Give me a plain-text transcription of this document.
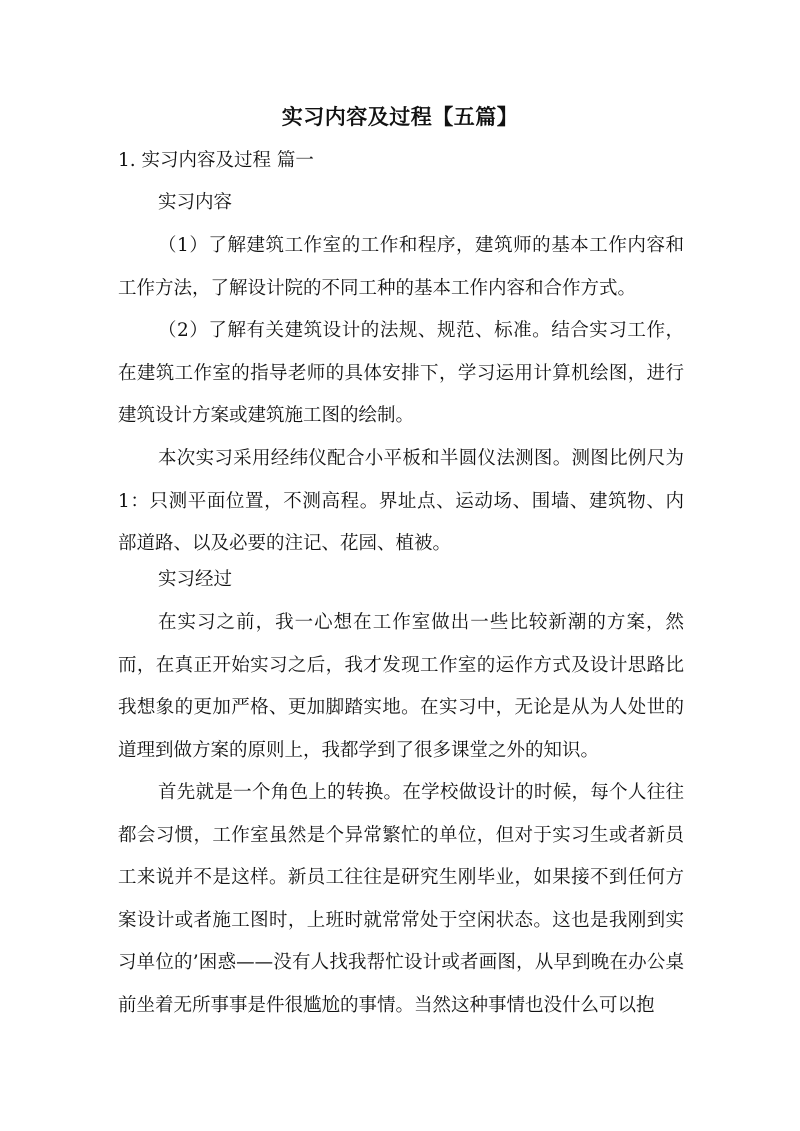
实习内容及过程【五篇】
1. 实习内容及过程 篇一
实习内容

（1）了解建筑工作室的工作和程序，建筑师的基本工作内容和工作方法，了解设计院的不同工种的基本工作内容和合作方式。

（2）了解有关建筑设计的法规、规范、标准。结合实习工作，在建筑工作室的指导老师的具体安排下，学习运用计算机绘图，进行建筑设计方案或建筑施工图的绘制。

本次实习采用经纬仪配合小平板和半圆仪法测图。测图比例尺为1：只测平面位置，不测高程。界址点、运动场、围墙、建筑物、内部道路、以及必要的注记、花园、植被。

实习经过

在实习之前，我一心想在工作室做出一些比较新潮的方案，然而，在真正开始实习之后，我才发现工作室的运作方式及设计思路比我想象的更加严格、更加脚踏实地。在实习中，无论是从为人处世的道理到做方案的原则上，我都学到了很多课堂之外的知识。

首先就是一个角色上的转换。在学校做设计的时候，每个人往往都会习惯，工作室虽然是个异常繁忙的单位，但对于实习生或者新员工来说并不是这样。新员工往往是研究生刚毕业，如果接不到任何方案设计或者施工图时，上班时就常常处于空闲状态。这也是我刚到实习单位的’困惑——没有人找我帮忙设计或者画图，从早到晚在办公桌前坐着无所事事是件很尴尬的事情。当然这种事情也没什么可以抱
